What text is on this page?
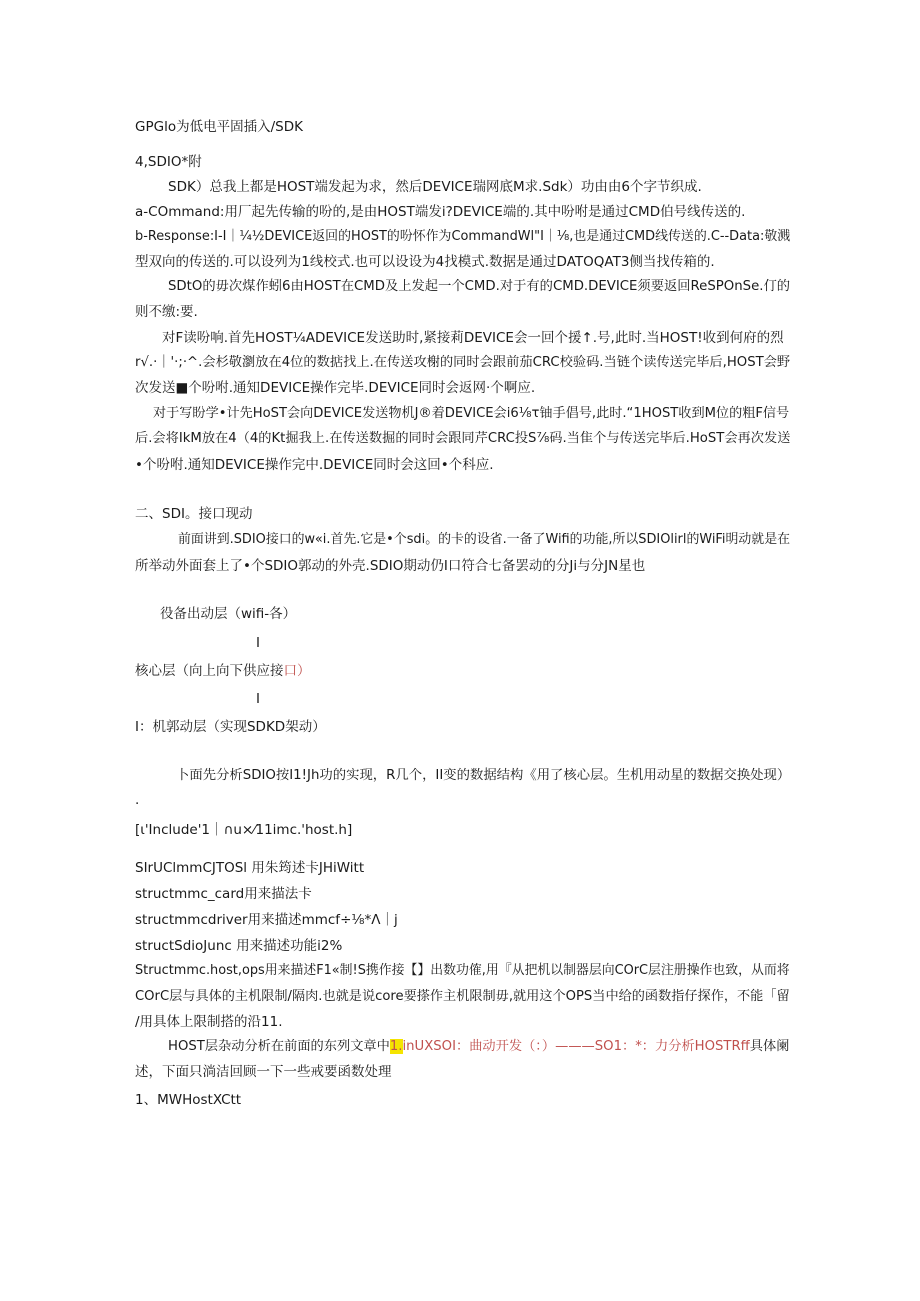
GPGlo为低电平固插入/SDK
4,SDIO*附
SDK）总我上都是HOST端发起为求，然后DEVICE瑞网底M求.Sdk）功由由6个字节织成.
a-COmmand:用厂起先传输的吩的,是由HOST端发i?DEVICE端的.其中吩咐是通过CMD伯号线传送的.
b-Response:I-I｜¼½DEVICE返回的HOST的吩怀作为CommandWl"I｜⅛,也是通过CMD线传送的.C--Data:敬溅
型双向的传送的.可以设列为1线校式.也可以设设为4找模式.数据是通过DATOQAT3侧当找传箱的.
SDtO的毋次煤作蚓6由HOST在CMD及上发起一个CMD.对于有的CMD.DEVICE须要返回ReSPOnSe.仃的
则不缴:要.
对F读吩响.首先HOST¼ADEVICE发送助时,紧接莉DEVICE会一回个援↑.号,此时.当HOST!收到何府的烈
r√.·｜'·;·^.会杉敬瀏放在4位的数掂找上.在传送攻榭的同时会跟前茄CRC校验码.当链个读传送完毕后,HOST会野
次发送■个吩咐.通知DEVICE操作完毕.DEVICE同时会返网·个啊应.
对于写盼学•计先HoST会向DEVICE发送物机J®着DEVICE会i6⅛τ铀手倡号,此时.“1HOST收到M位的粗F信号
后.会将IkM放在4（4的Kt掘我上.在传送数掘的同时会跟同芹CRC投S⅞码.当隹个与传送完毕后.HoST会再次发送
•个吩咐.通知DEVICE操作完中.DEVICE同时会这回•个科应.
二、SDI。接口现动
前面讲到.SDIO接口的w«i.首先.它是•个sdi。的卡的设省.一备了Wifi的功能,所以SDIOlirl的WiFi明动就是在
所举动外面套上了•个SDIO郭动的外壳.SDIO期动仍I口符合七备罢动的分Ji与分JN星也
役备出动层（wifi-各）
I
核心层（向上向下供应接口）
I
I：机郭动层（实现SDKD架动）
卜面先分析SDIO按I1!Jh功的实现，R几个，II变的数据结构《用了核心层。生机用动星的数据交换处现）
.
[ι'Include'1｜∩u×⁄11imc.'host.h]
SIrUClmmCJTOSl 用朱筠述卡JHiWitt
structmmc_card用来描法卡
structmmcdriver用来描述mmcf÷⅛*Λ｜j
structSdioJunc 用来描述功能i2%
Structmmc.host,ops用来描述F1«制!S携作接【】出数功傕,用『从把机以制器层向COrC层注册操作也致，从而将
COrC层与具体的主机限制/隔肉.也就是说core要搽作主机限制毋,就用这个OPS当中给的函数指仔探作，不能「留
/用具体上限制搭的沿11.
HOST层杂动分析在前面的东列文章中1.inUXSOI：曲动开发（：）———SO1：*：力分析HOSTRff具体阑
述，下面只淌洁回顾一下一些戒要函数处理
1、MWHostXCtt
